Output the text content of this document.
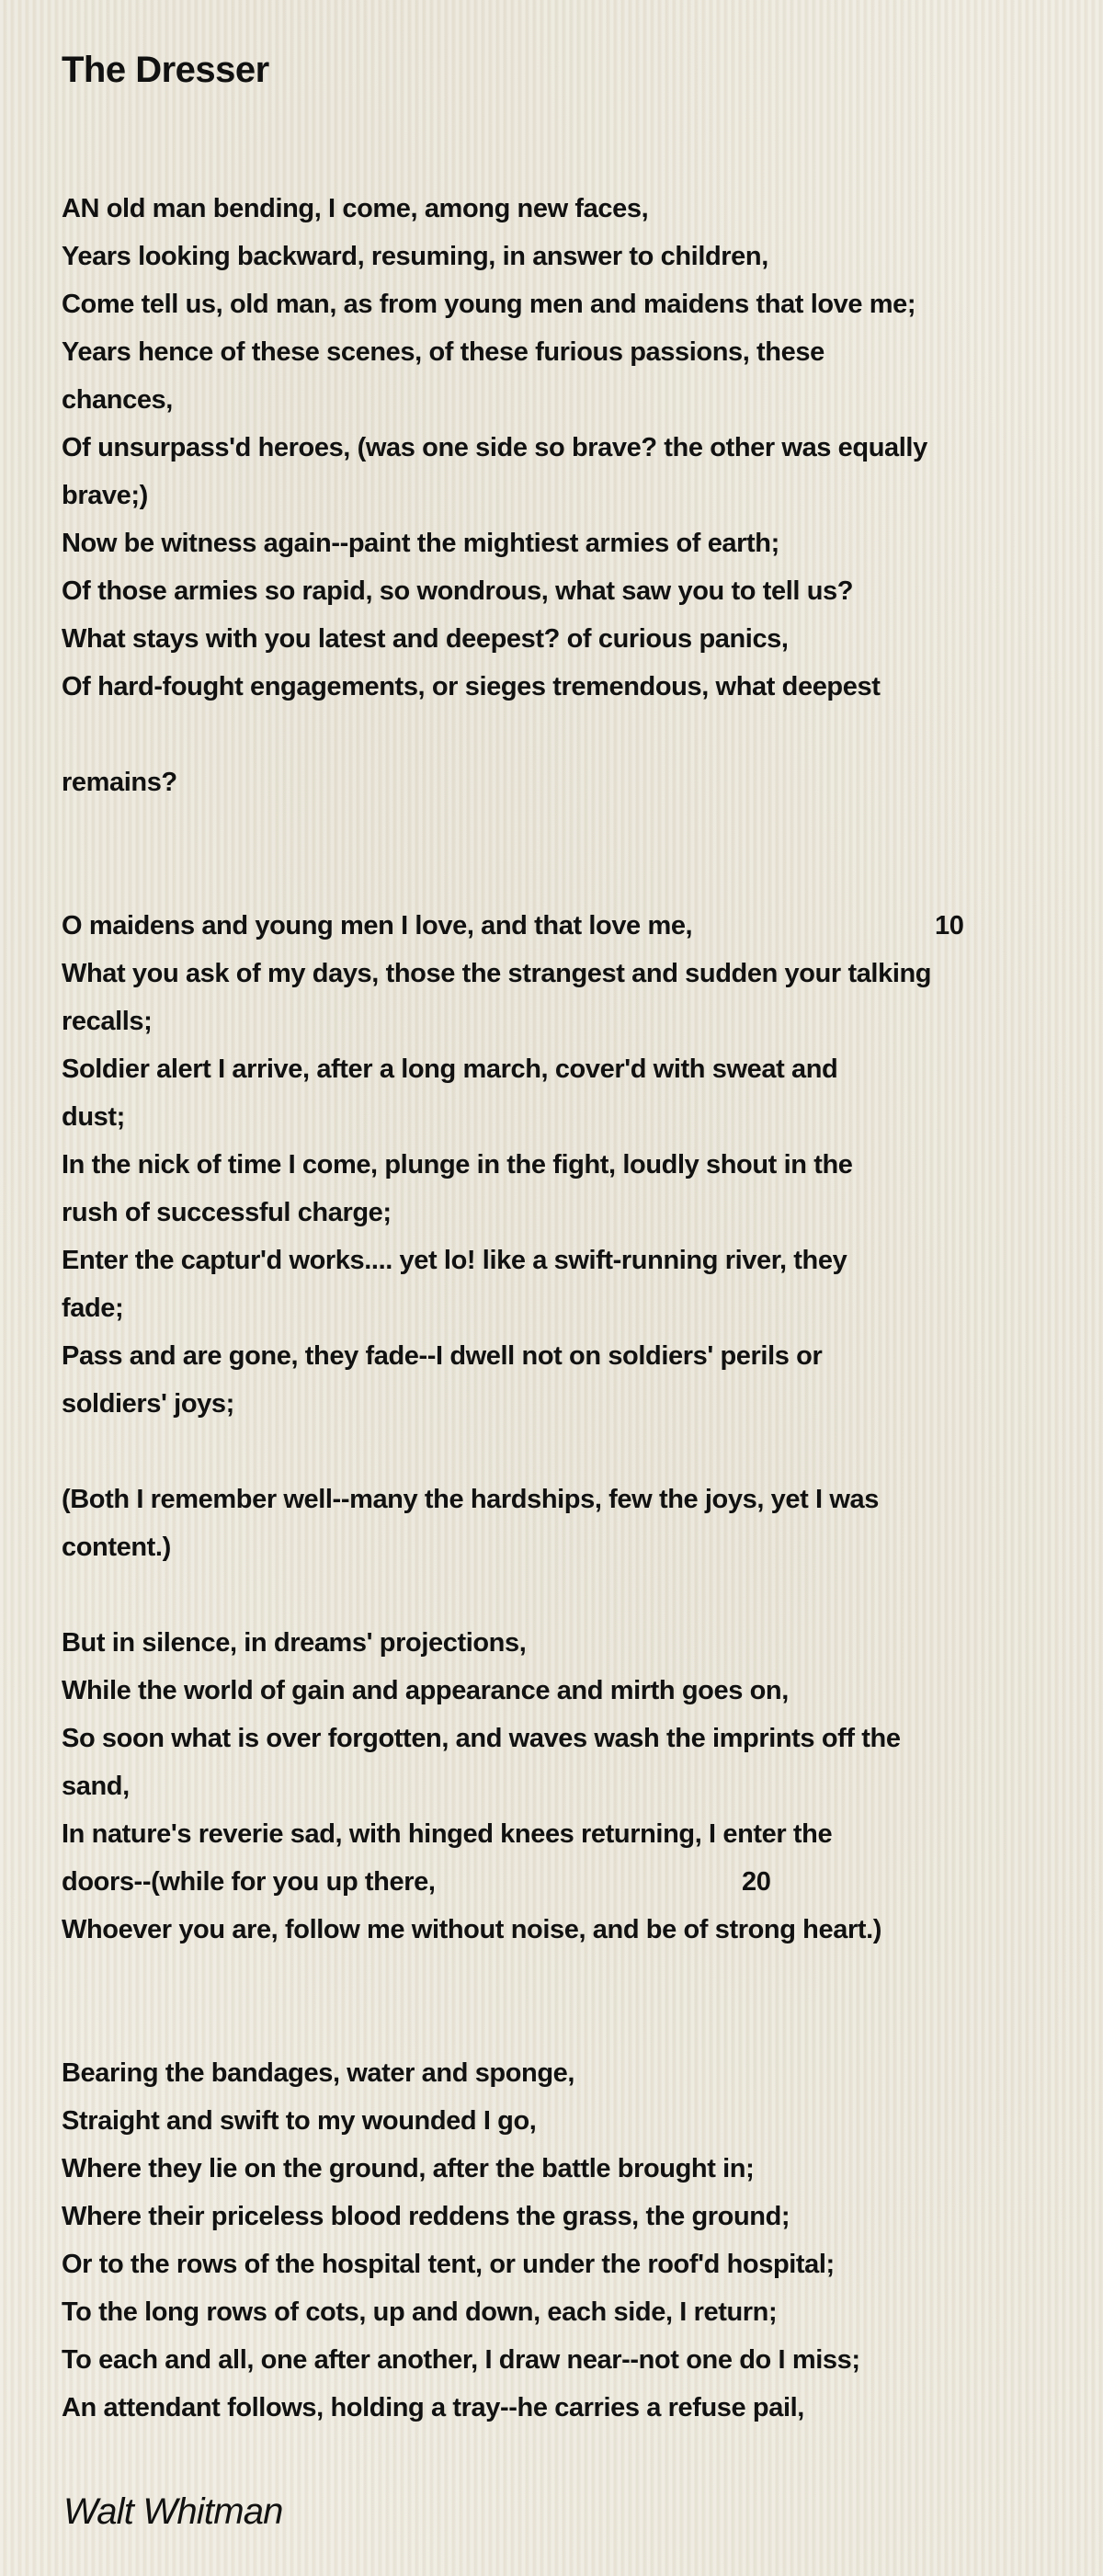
The Dresser
AN old man bending, I come, among new faces,
Years looking backward, resuming, in answer to children,
Come tell us, old man, as from young men and maidens that love me;
Years hence of these scenes, of these furious passions, these
chances,
Of unsurpass'd heroes, (was one side so brave? the other was equally
brave;)
Now be witness again--paint the mightiest armies of earth;
Of those armies so rapid, so wondrous, what saw you to tell us?
What stays with you latest and deepest? of curious panics,
Of hard-fought engagements, or sieges tremendous, what deepest
remains?
O maidens and young men I love, and that love me,
What you ask of my days, those the strangest and sudden your talking
recalls;
Soldier alert I arrive, after a long march, cover'd with sweat and
dust;
In the nick of time I come, plunge in the fight, loudly shout in the
rush of successful charge;
Enter the captur'd works.... yet lo! like a swift-running river, they
fade;
Pass and are gone, they fade--I dwell not on soldiers' perils or
soldiers' joys;
(Both I remember well--many the hardships, few the joys, yet I was
content.)
But in silence, in dreams' projections,
While the world of gain and appearance and mirth goes on,
So soon what is over forgotten, and waves wash the imprints off the
sand,
In nature's reverie sad, with hinged knees returning, I enter the
doors--(while for you up there,
Whoever you are, follow me without noise, and be of strong heart.)
Bearing the bandages, water and sponge,
Straight and swift to my wounded I go,
Where they lie on the ground, after the battle brought in;
Where their priceless blood reddens the grass, the ground;
Or to the rows of the hospital tent, or under the roof'd hospital;
To the long rows of cots, up and down, each side, I return;
To each and all, one after another, I draw near--not one do I miss;
An attendant follows, holding a tray--he carries a refuse pail,
10
20
Walt Whitman
